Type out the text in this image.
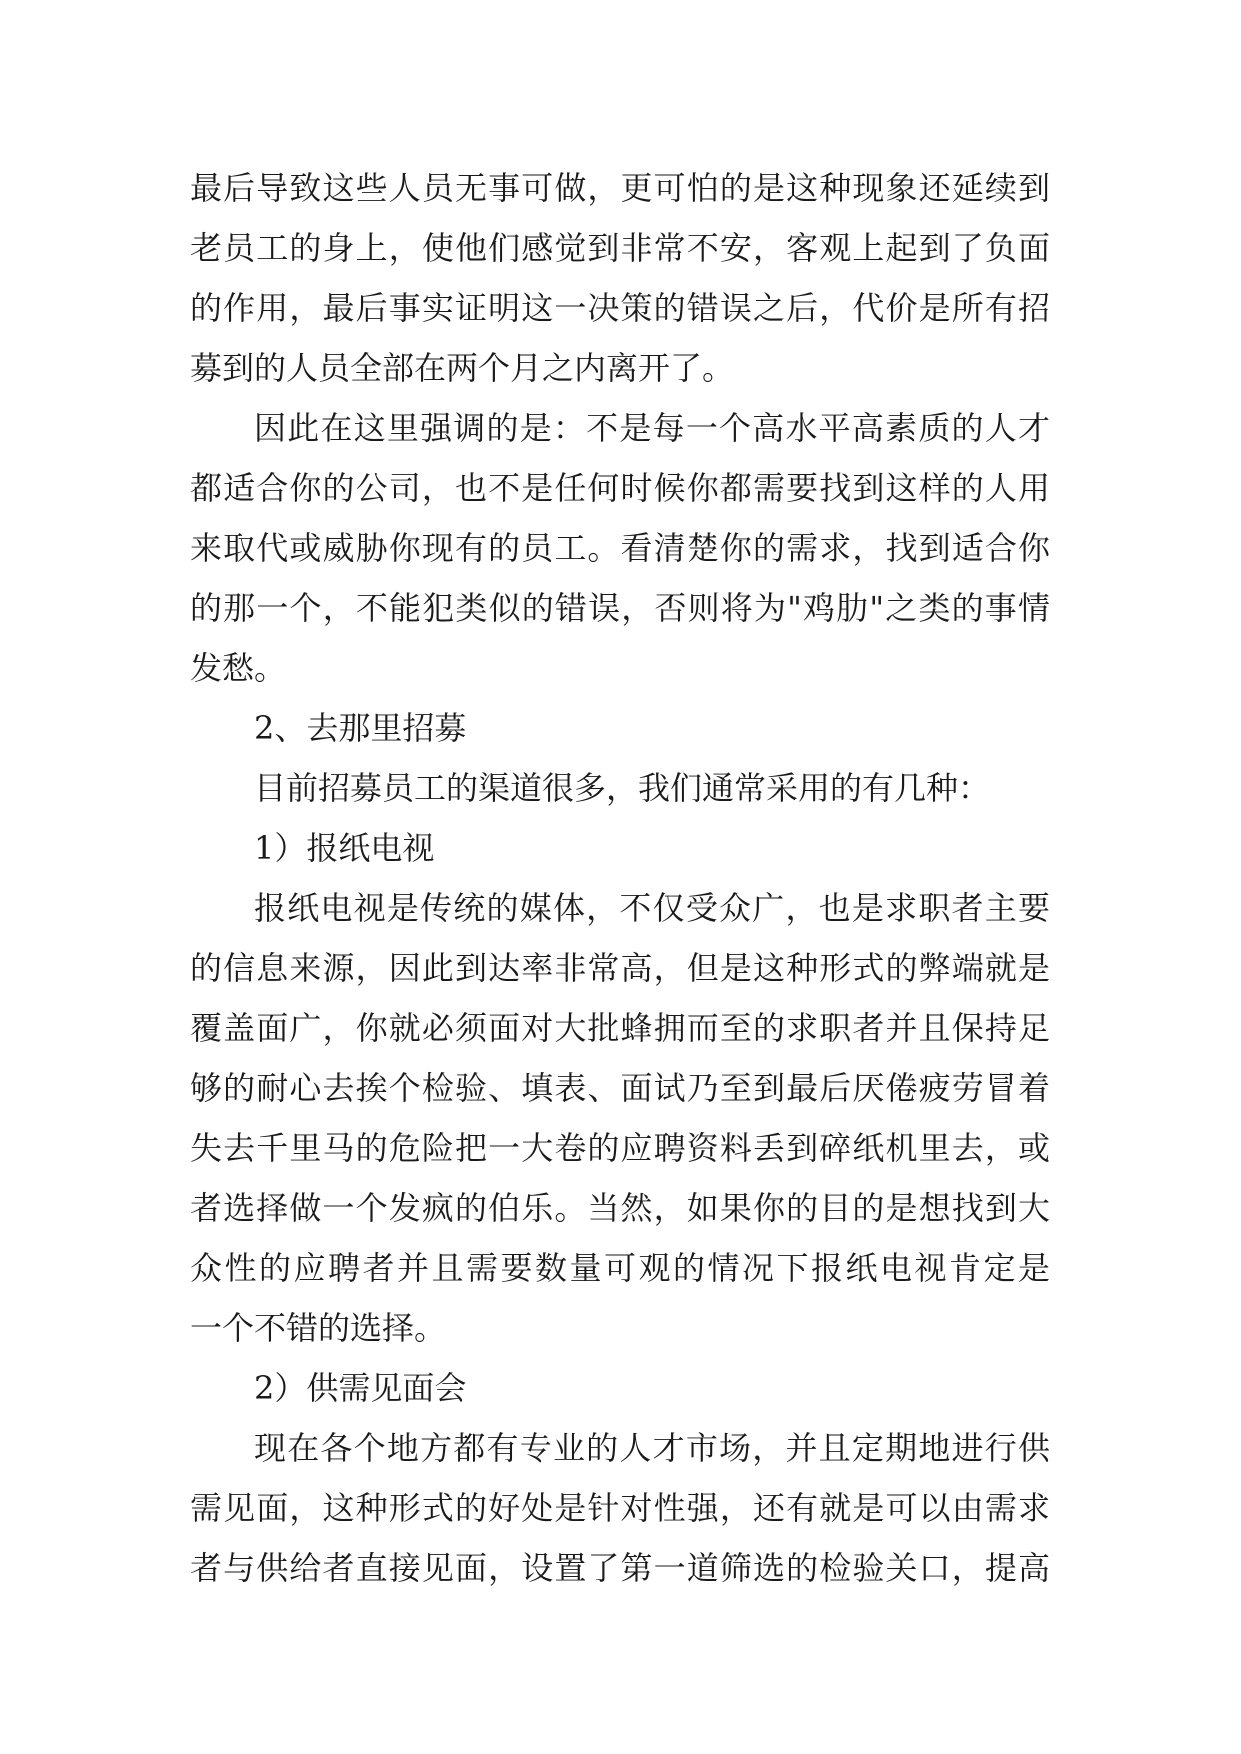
最后导致这些人员无事可做，更可怕的是这种现象还延续到
老员工的身上，使他们感觉到非常不安，客观上起到了负面
的作用，最后事实证明这一决策的错误之后，代价是所有招
募到的人员全部在两个月之内离开了。
因此在这里强调的是：不是每一个高水平高素质的人才
都适合你的公司，也不是任何时候你都需要找到这样的人用
来取代或威胁你现有的员工。看清楚你的需求，找到适合你
的那一个，不能犯类似的错误，否则将为"鸡肋"之类的事情
发愁。
2、去那里招募
目前招募员工的渠道很多，我们通常采用的有几种：
1）报纸电视
报纸电视是传统的媒体，不仅受众广，也是求职者主要
的信息来源，因此到达率非常高，但是这种形式的弊端就是
覆盖面广，你就必须面对大批蜂拥而至的求职者并且保持足
够的耐心去挨个检验、填表、面试乃至到最后厌倦疲劳冒着
失去千里马的危险把一大卷的应聘资料丢到碎纸机里去，或
者选择做一个发疯的伯乐。当然，如果你的目的是想找到大
众性的应聘者并且需要数量可观的情况下报纸电视肯定是
一个不错的选择。
2）供需见面会
现在各个地方都有专业的人才市场，并且定期地进行供
需见面，这种形式的好处是针对性强，还有就是可以由需求
者与供给者直接见面，设置了第一道筛选的检验关口，提高
